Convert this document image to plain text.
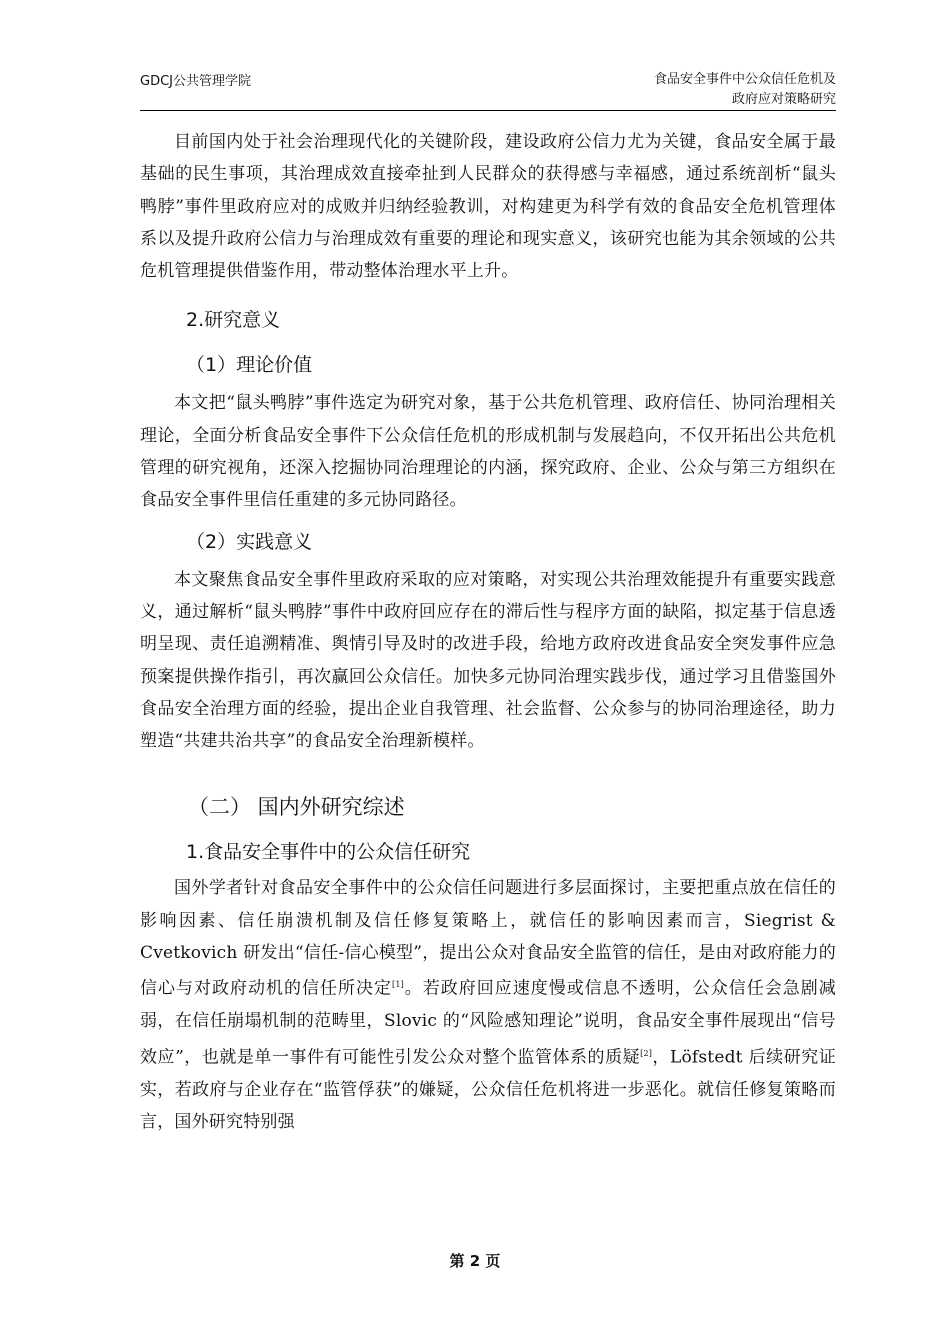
GDCJ公共管理学院	食品安全事件中公众信任危机及
政府应对策略研究

目前国内处于社会治理现代化的关键阶段，建设政府公信力尤为关键，食品安全属于最基础的民生事项，其治理成效直接牵扯到人民群众的获得感与幸福感，通过系统剖析“鼠头鸭脖”事件里政府应对的成败并归纳经验教训，对构建更为科学有效的食品安全危机管理体系以及提升政府公信力与治理成效有重要的理论和现实意义，该研究也能为其余领域的公共危机管理提供借鉴作用，带动整体治理水平上升。

2.研究意义
（1）理论价值

本文把“鼠头鸭脖”事件选定为研究对象，基于公共危机管理、政府信任、协同治理相关理论，全面分析食品安全事件下公众信任危机的形成机制与发展趋向，不仅开拓出公共危机管理的研究视角，还深入挖掘协同治理理论的内涵，探究政府、企业、公众与第三方组织在食品安全事件里信任重建的多元协同路径。

（2）实践意义

本文聚焦食品安全事件里政府采取的应对策略，对实现公共治理效能提升有重要实践意义，通过解析“鼠头鸭脖”事件中政府回应存在的滞后性与程序方面的缺陷，拟定基于信息透明呈现、责任追溯精准、舆情引导及时的改进手段，给地方政府改进食品安全突发事件应急预案提供操作指引，再次赢回公众信任。加快多元协同治理实践步伐，通过学习且借鉴国外食品安全治理方面的经验，提出企业自我管理、社会监督、公众参与的协同治理途径，助力塑造“共建共治共享”的食品安全治理新模样。

（二） 国内外研究综述
1.食品安全事件中的公众信任研究

国外学者针对食品安全事件中的公众信任问题进行多层面探讨，主要把重点放在信任的影响因素、信任崩溃机制及信任修复策略上，就信任的影响因素而言，Siegrist & Cvetkovich 研发出“信任-信心模型”，提出公众对食品安全监管的信任，是由对政府能力的信心与对政府动机的信任所决定[1]。若政府回应速度慢或信息不透明，公众信任会急剧减弱，在信任崩塌机制的范畴里，Slovic 的“风险感知理论”说明，食品安全事件展现出“信号效应”，也就是单一事件有可能性引发公众对整个监管体系的质疑[2]，Löfstedt 后续研究证实，若政府与企业存在“监管俘获”的嫌疑，公众信任危机将进一步恶化。就信任修复策略而言，国外研究特别强

第 2 页
